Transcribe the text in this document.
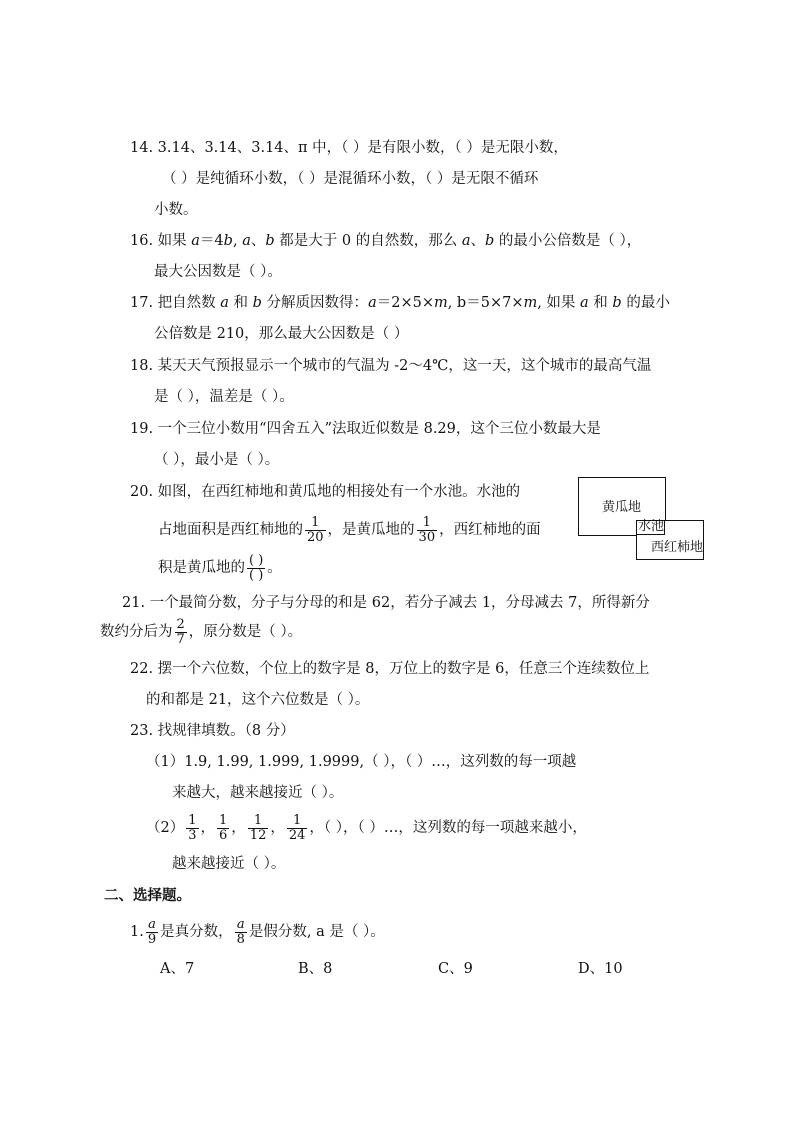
14. 3.14、3.14、3.14、π 中，（ ）是有限小数，（ ）是无限小数，
（ ）是纯循环小数，（ ）是混循环小数，（ ）是无限不循环
小数。
16. 如果 a＝4b, a、b 都是大于 0 的自然数，那么 a、b 的最小公倍数是（ ），
最大公因数是（ ）。
17. 把自然数 a 和 b 分解质因数得：a＝2×5×m, b＝5×7×m, 如果 a 和 b 的最小
公倍数是 210，那么最大公因数是（ ）
18. 某天天气预报显示一个城市的气温为 -2～4℃，这一天，这个城市的最高气温
是（ ），温差是（ ）。
19. 一个三位小数用“四舍五入”法取近似数是 8.29，这个三位小数最大是
（ ），最小是（ ）。
20. 如图，在西红柿地和黄瓜地的相接处有一个水池。水池的
占地面积是西红柿地的 $\frac{1}{20}$ ，是黄瓜地的 $\frac{1}{30}$ ，西红柿地的面
积是黄瓜地的 ( )
( ) 。
黄瓜地
西红柿地
水池
21. 一个最简分数，分子与分母的和是 62，若分子减去 1，分母减去 7，所得新分
数约分后为 $\frac{2}{7}$ ，原分数是（ ）。
22. 摆一个六位数，个位上的数字是 8，万位上的数字是 6，任意三个连续数位上
的和都是 21，这个六位数是（ ）。
23. 找规律填数。（8 分）
（1）1.9, 1.99, 1.999, 1.9999,（ ），（ ）…，这列数的每一项越
来越大，越来越接近（ ）。
$(2) \frac{1}{3}$ ， $\frac{1}{6}$ ， $\frac{1}{12}$ ， $\frac{1}{24}$ ，（ ），（ ）…，这列数的每一项越来越小，
越来越接近（ ）。
二、选择题。
1. $\frac{a}{9}$ 是真分数， $\frac{a}{8}$ 是假分数, a 是（ ）。
A、7	B、8	C、9	D、10
